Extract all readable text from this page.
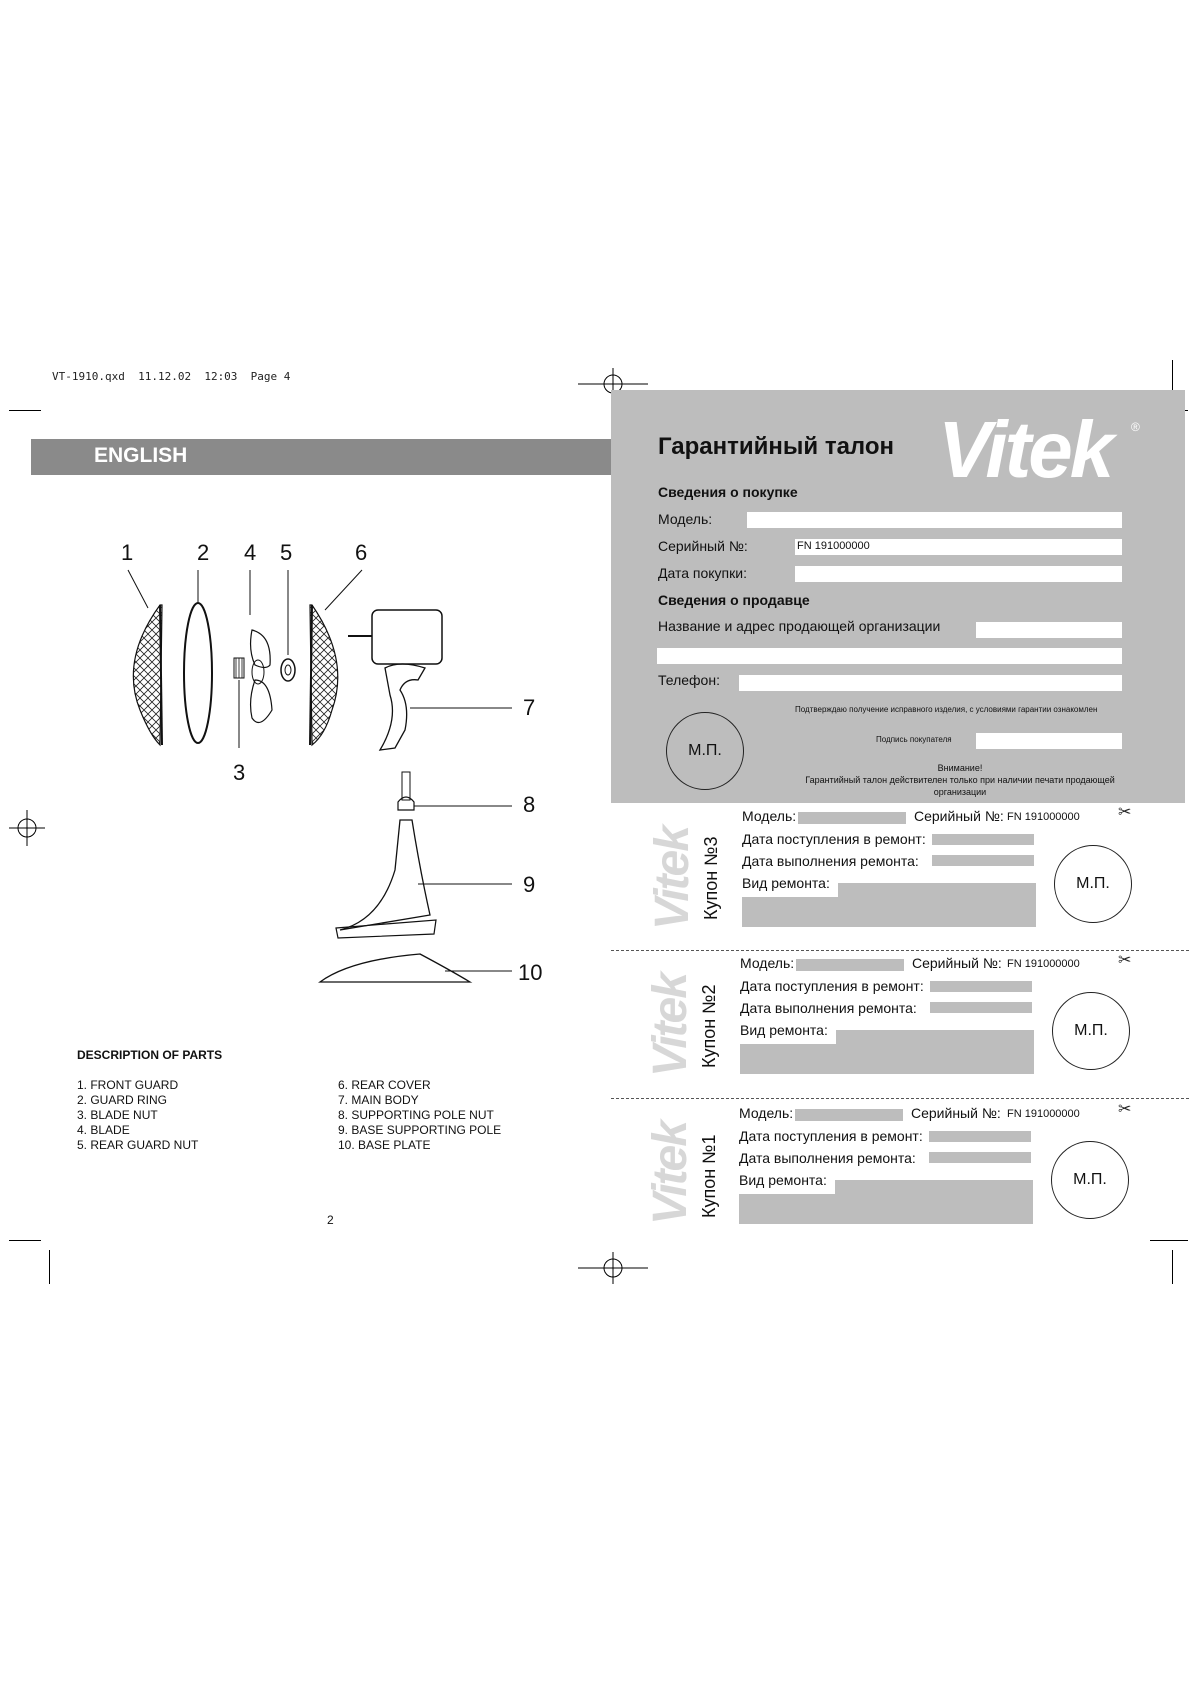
VT-1910.qxd  11.12.02  12:03  Page 4
ENGLISH
1	2 4 5	6
3
7
8
9
10
DESCRIPTION OF PARTS
1. FRONT GUARD
2. GUARD RING
3. BLADE NUT
4. BLADE
5. REAR GUARD NUT
6. REAR COVER
7. MAIN BODY
8. SUPPORTING POLE NUT
9. BASE SUPPORTING POLE
10. BASE PLATE
2
Гарантийный талон Vitek ®
Сведения о покупке
Модель:
Серийный №:	FN 191000000
Дата покупки:
Сведения о продавце
Название и адрес продающей организации
Телефон:
Подтверждаю получение исправного изделия, с условиями гарантии ознакомлен
М.П.
Подпись покупателя
Внимание!
Гарантийный талон действителен только при наличии печати продающей организации
Vitek Купон №3
Модель:	Серийный №: FN 191000000 ✂
Дата поступления в ремонт:
Дата выполнения ремонта:
Вид ремонта:	М.П.
Vitek Купон №2
Модель:	Серийный №: FN 191000000 ✂
Дата поступления в ремонт:
Дата выполнения ремонта:
Вид ремонта:	М.П.
Vitek Купон №1
Модель:	Серийный №: FN 191000000 ✂
Дата поступления в ремонт:
Дата выполнения ремонта:
Вид ремонта:	М.П.
